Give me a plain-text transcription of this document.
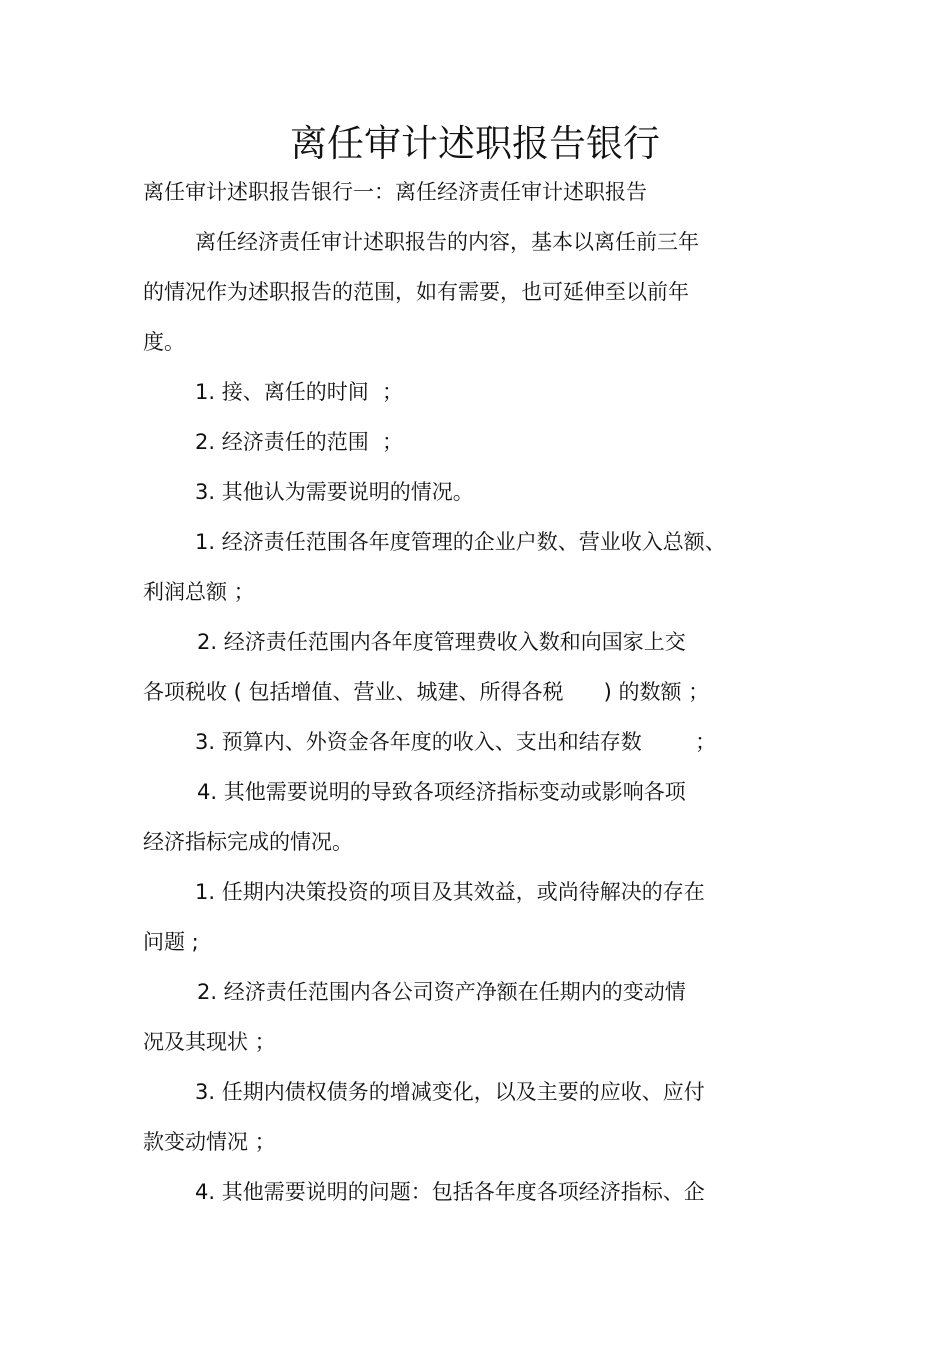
离任审计述职报告银行
离任审计述职报告银行一：离任经济责任审计述职报告
离任经济责任审计述职报告的内容，基本以离任前三年
的情况作为述职报告的范围，如有需要，也可延伸至以前年
度。
1. 接、离任的时间  ；
2. 经济责任的范围  ；
3. 其他认为需要说明的情况。
1. 经济责任范围各年度管理的企业户数、营业收入总额、
利润总额 ；
2. 经济责任范围内各年度管理费收入数和向国家上交
各项税收 ( 包括增值、营业、城建、所得各税      ) 的数额 ；
3. 预算内、外资金各年度的收入、支出和结存数        ；
4. 其他需要说明的导致各项经济指标变动或影响各项
经济指标完成的情况。
1. 任期内决策投资的项目及其效益，或尚待解决的存在
问题 ;
2. 经济责任范围内各公司资产净额在任期内的变动情
况及其现状 ；
3. 任期内债权债务的增减变化，以及主要的应收、应付
款变动情况 ；
4. 其他需要说明的问题：包括各年度各项经济指标、企
